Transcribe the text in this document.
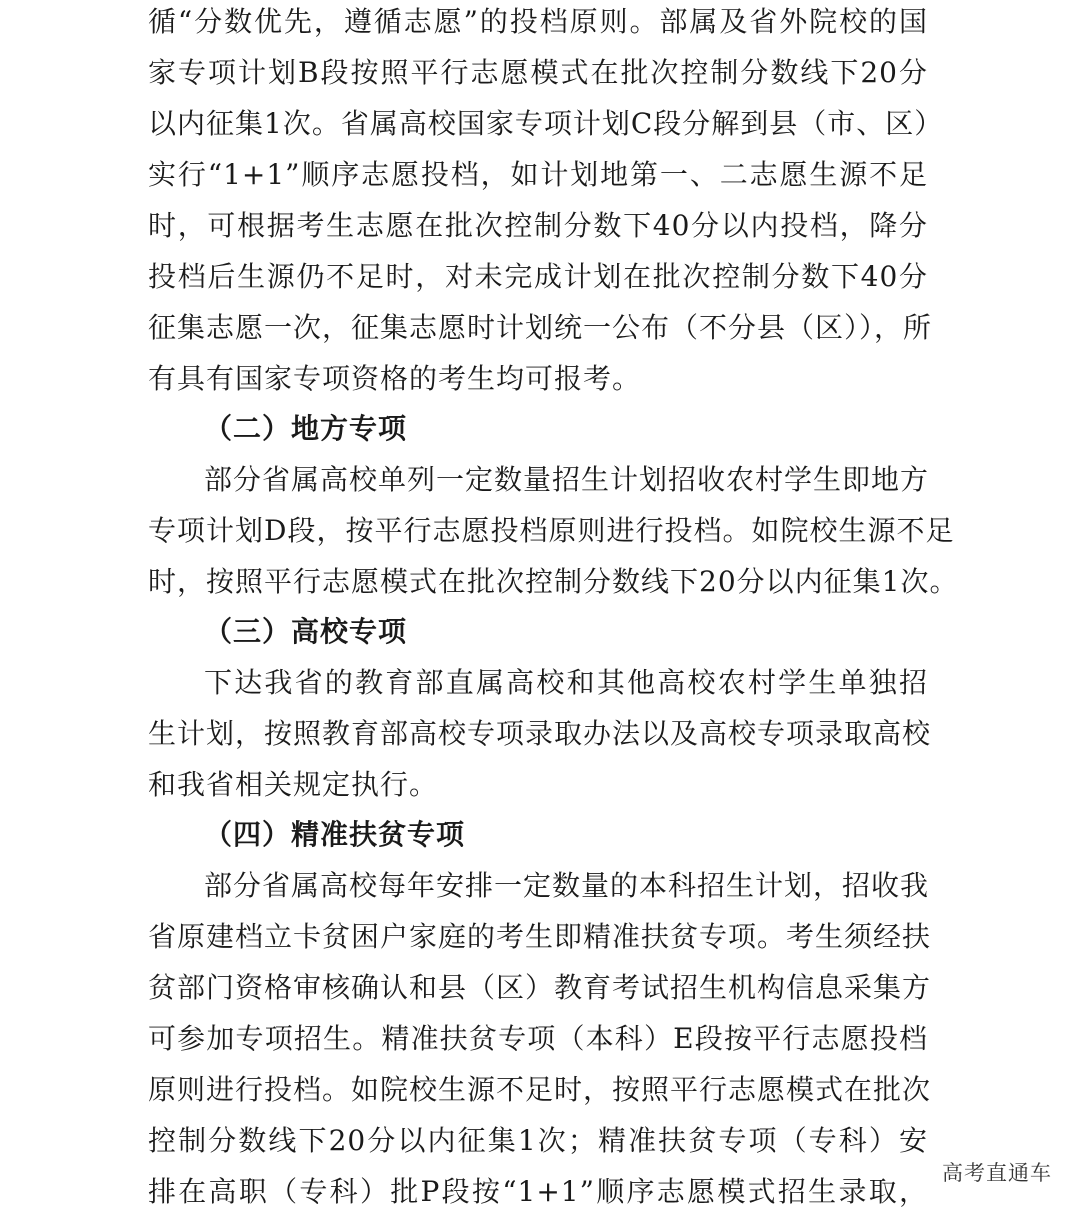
循“分数优先，遵循志愿”的投档原则。部属及省外院校的国
家专项计划B段按照平行志愿模式在批次控制分数线下20分
以内征集1次。省属高校国家专项计划C段分解到县（市、区）
实行“1+1”顺序志愿投档，如计划地第一、二志愿生源不足
时，可根据考生志愿在批次控制分数下40分以内投档，降分
投档后生源仍不足时，对未完成计划在批次控制分数下40分
征集志愿一次，征集志愿时计划统一公布（不分县（区）），所
有具有国家专项资格的考生均可报考。
（二）地方专项
部分省属高校单列一定数量招生计划招收农村学生即地方
专项计划D段，按平行志愿投档原则进行投档。如院校生源不足
时，按照平行志愿模式在批次控制分数线下20分以内征集1次。
（三）高校专项
下达我省的教育部直属高校和其他高校农村学生单独招
生计划，按照教育部高校专项录取办法以及高校专项录取高校
和我省相关规定执行。
（四）精准扶贫专项
部分省属高校每年安排一定数量的本科招生计划，招收我
省原建档立卡贫困户家庭的考生即精准扶贫专项。考生须经扶
贫部门资格审核确认和县（区）教育考试招生机构信息采集方
可参加专项招生。精准扶贫专项（本科）E段按平行志愿投档
原则进行投档。如院校生源不足时，按照平行志愿模式在批次
控制分数线下20分以内征集1次；精准扶贫专项（专科）安
排在高职（专科）批P段按“1+1”顺序志愿模式招生录取，
高考直通车
